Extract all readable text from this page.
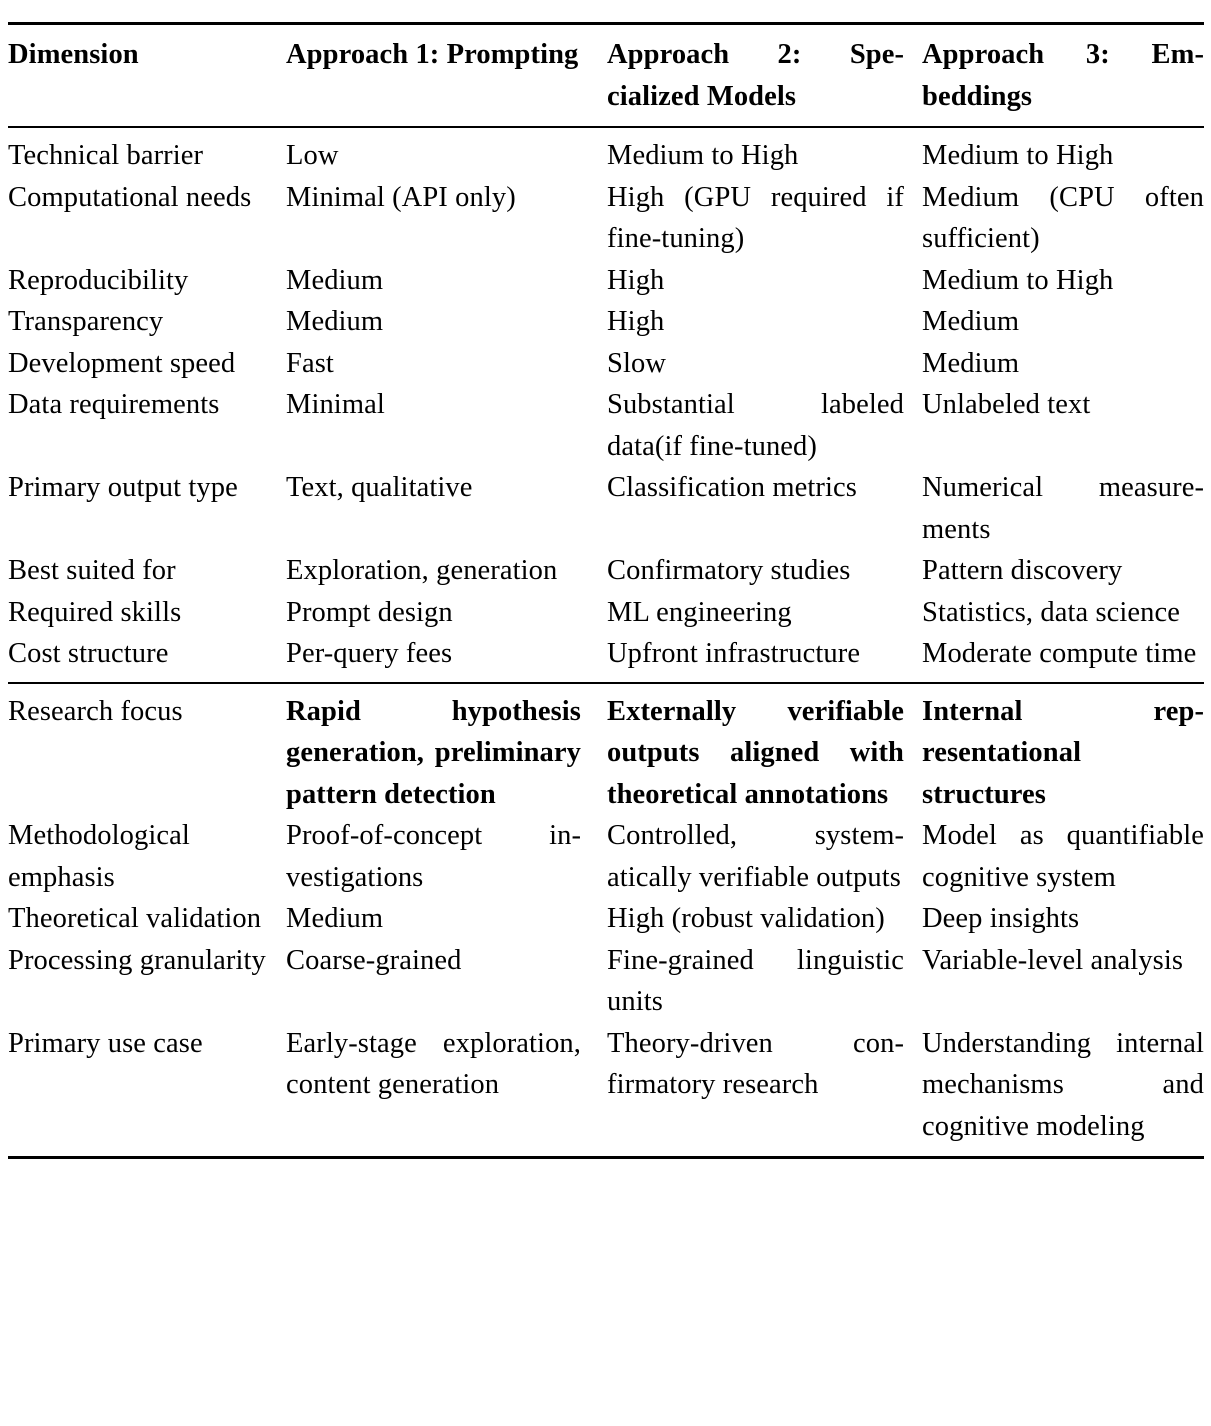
Dimension	Approach 1: Prompting	Approach 2: Specialized Models	Approach 3: Embeddings

Technical barrier	Low	Medium to High	Medium to High
Computational needs	Minimal (API only)	High (GPU required if fine-tuning)	Medium (CPU often sufficient)
Reproducibility	Medium	High	Medium to High
Transparency	Medium	High	Medium
Development speed	Fast	Slow	Medium
Data requirements	Minimal	Substantial labeled data(if fine-tuned)	Unlabeled text
Primary output type	Text, qualitative	Classification metrics	Numerical measurements
Best suited for	Exploration, generation	Confirmatory studies	Pattern discovery
Required skills	Prompt design	ML engineering	Statistics, data science
Cost structure	Per-query fees	Upfront infrastructure	Moderate compute time

Research focus	Rapid hypothesis generation, preliminary pattern detection	Externally verifiable outputs aligned with theoretical annotations	Internal representational structures
Methodological emphasis	Proof-of-concept investigations	Controlled, systematically verifiable outputs	Model as quantifiable cognitive system
Theoretical validation	Medium	High (robust validation)	Deep insights
Processing granularity	Coarse-grained	Fine-grained linguistic units	Variable-level analysis
Primary use case	Early-stage exploration, content generation	Theory-driven confirmatory research	Understanding internal mechanisms and cognitive modeling
